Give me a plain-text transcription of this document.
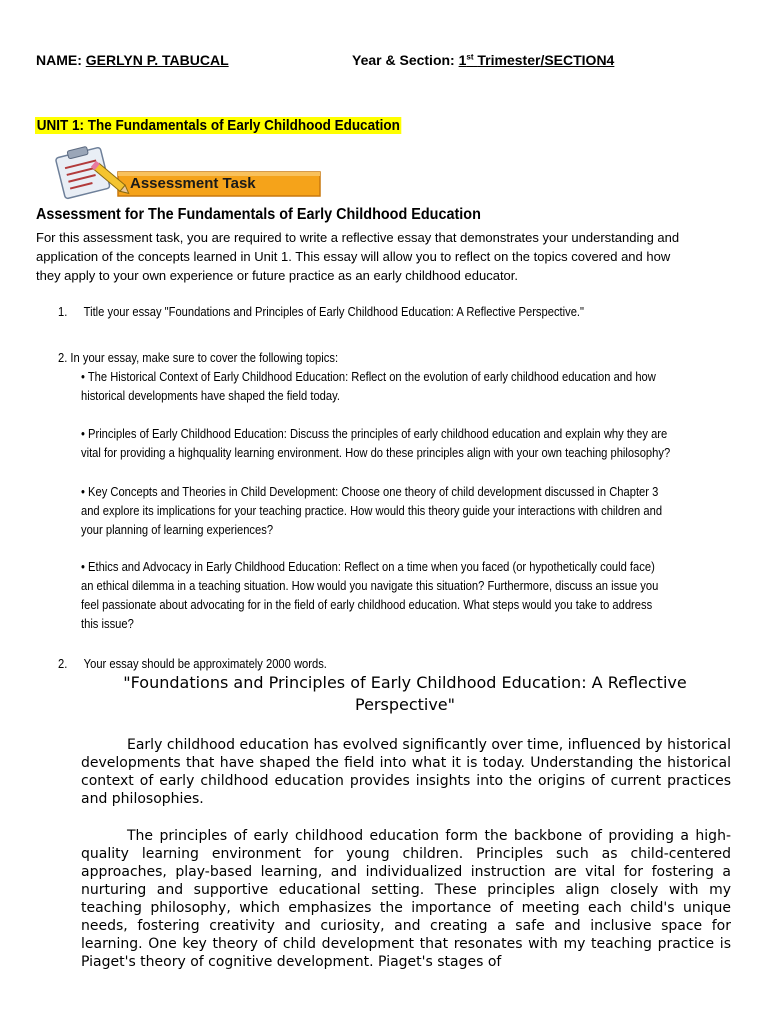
NAME: GERLYN P. TABUCAL	Year & Section: 1st Trimester/SECTION4
UNIT 1: The Fundamentals of Early Childhood Education
Assessment Task
Assessment for The Fundamentals of Early Childhood Education
For this assessment task, you are required to write a reflective essay that demonstrates your understanding and
application of the concepts learned in Unit 1. This essay will allow you to reflect on the topics covered and how
they apply to your own experience or future practice as an early childhood educator.
1. Title your essay "Foundations and Principles of Early Childhood Education: A Reflective Perspective."
2. In your essay, make sure to cover the following topics:
• The Historical Context of Early Childhood Education: Reflect on the evolution of early childhood education and how
historical developments have shaped the field today.
• Principles of Early Childhood Education: Discuss the principles of early childhood education and explain why they are
vital for providing a highquality learning environment. How do these principles align with your own teaching philosophy?
• Key Concepts and Theories in Child Development: Choose one theory of child development discussed in Chapter 3
and explore its implications for your teaching practice. How would this theory guide your interactions with children and
your planning of learning experiences?
• Ethics and Advocacy in Early Childhood Education: Reflect on a time when you faced (or hypothetically could face)
an ethical dilemma in a teaching situation. How would you navigate this situation? Furthermore, discuss an issue you
feel passionate about advocating for in the field of early childhood education. What steps would you take to address
this issue?
2. Your essay should be approximately 2000 words.
"Foundations and Principles of Early Childhood Education: A Reflective
Perspective"
Early childhood education has evolved significantly over time, influenced by historical developments that have shaped the field into what it is today. Understanding the historical context of early childhood education provides insights into the origins of current practices and philosophies.
The principles of early childhood education form the backbone of providing a high-quality learning environment for young children. Principles such as child-centered approaches, play-based learning, and individualized instruction are vital for fostering a nurturing and supportive educational setting. These principles align closely with my teaching philosophy, which emphasizes the importance of meeting each child's unique needs, fostering creativity and curiosity, and creating a safe and inclusive space for learning. One key theory of child development that resonates with my teaching practice is Piaget's theory of cognitive development. Piaget's stages of
